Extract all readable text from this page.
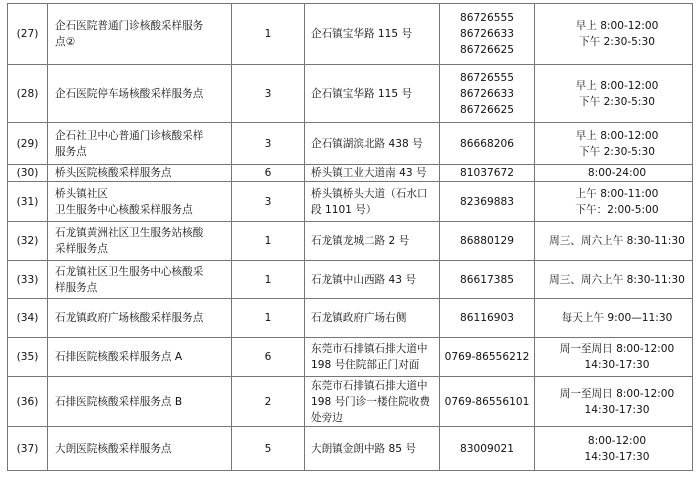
(27)	企石医院普通门诊核酸采样服务
点②	1	企石镇宝华路 115 号	86726555
86726633
86726625	早上 8:00-12:00
下午 2:30-5:30

(28)	企石医院停车场核酸采样服务点	3	企石镇宝华路 115 号	86726555
86726633
86726625	早上 8:00-12:00
下午 2:30-5:30

(29)	企石社卫中心普通门诊核酸采样
服务点	3	企石镇湖滨北路 438 号	86668206	早上 8:00-12:00
下午 2:30-5:30

(30)	桥头医院核酸采样服务点	6	桥头镇工业大道南 43 号	81037672	8:00-24:00

(31)	桥头镇社区
卫生服务中心核酸采样服务点	3	桥头镇桥头大道（石水口
段 1101 号）	82369883	上午 8:00-11:00
下午：2:00-5:00

(32)	石龙镇黄洲社区卫生服务站核酸
采样服务点	1	石龙镇龙城二路 2 号	86880129	周三、周六上午 8:30-11:30

(33)	石龙镇社区卫生服务中心核酸采
样服务点	1	石龙镇中山西路 43 号	86617385	周三、周六上午 8:30-11:30

(34)	石龙镇政府广场核酸采样服务点	1	石龙镇政府广场右侧	86116903	每天上午 9:00—11:30

(35)	石排医院核酸采样服务点 A	6	东莞市石排镇石排大道中
198 号住院部正门对面	0769-86556212	周一至周日 8:00-12:00
14:30-17:30

(36)	石排医院核酸采样服务点 B	2	东莞市石排镇石排大道中
198 号门诊一楼住院收费
处旁边	0769-86556101	周一至周日 8:00-12:00
14:30-17:30

(37)	大朗医院核酸采样服务点	5	大朗镇金朗中路 85 号	83009021	8:00-12:00
14:30-17:30
